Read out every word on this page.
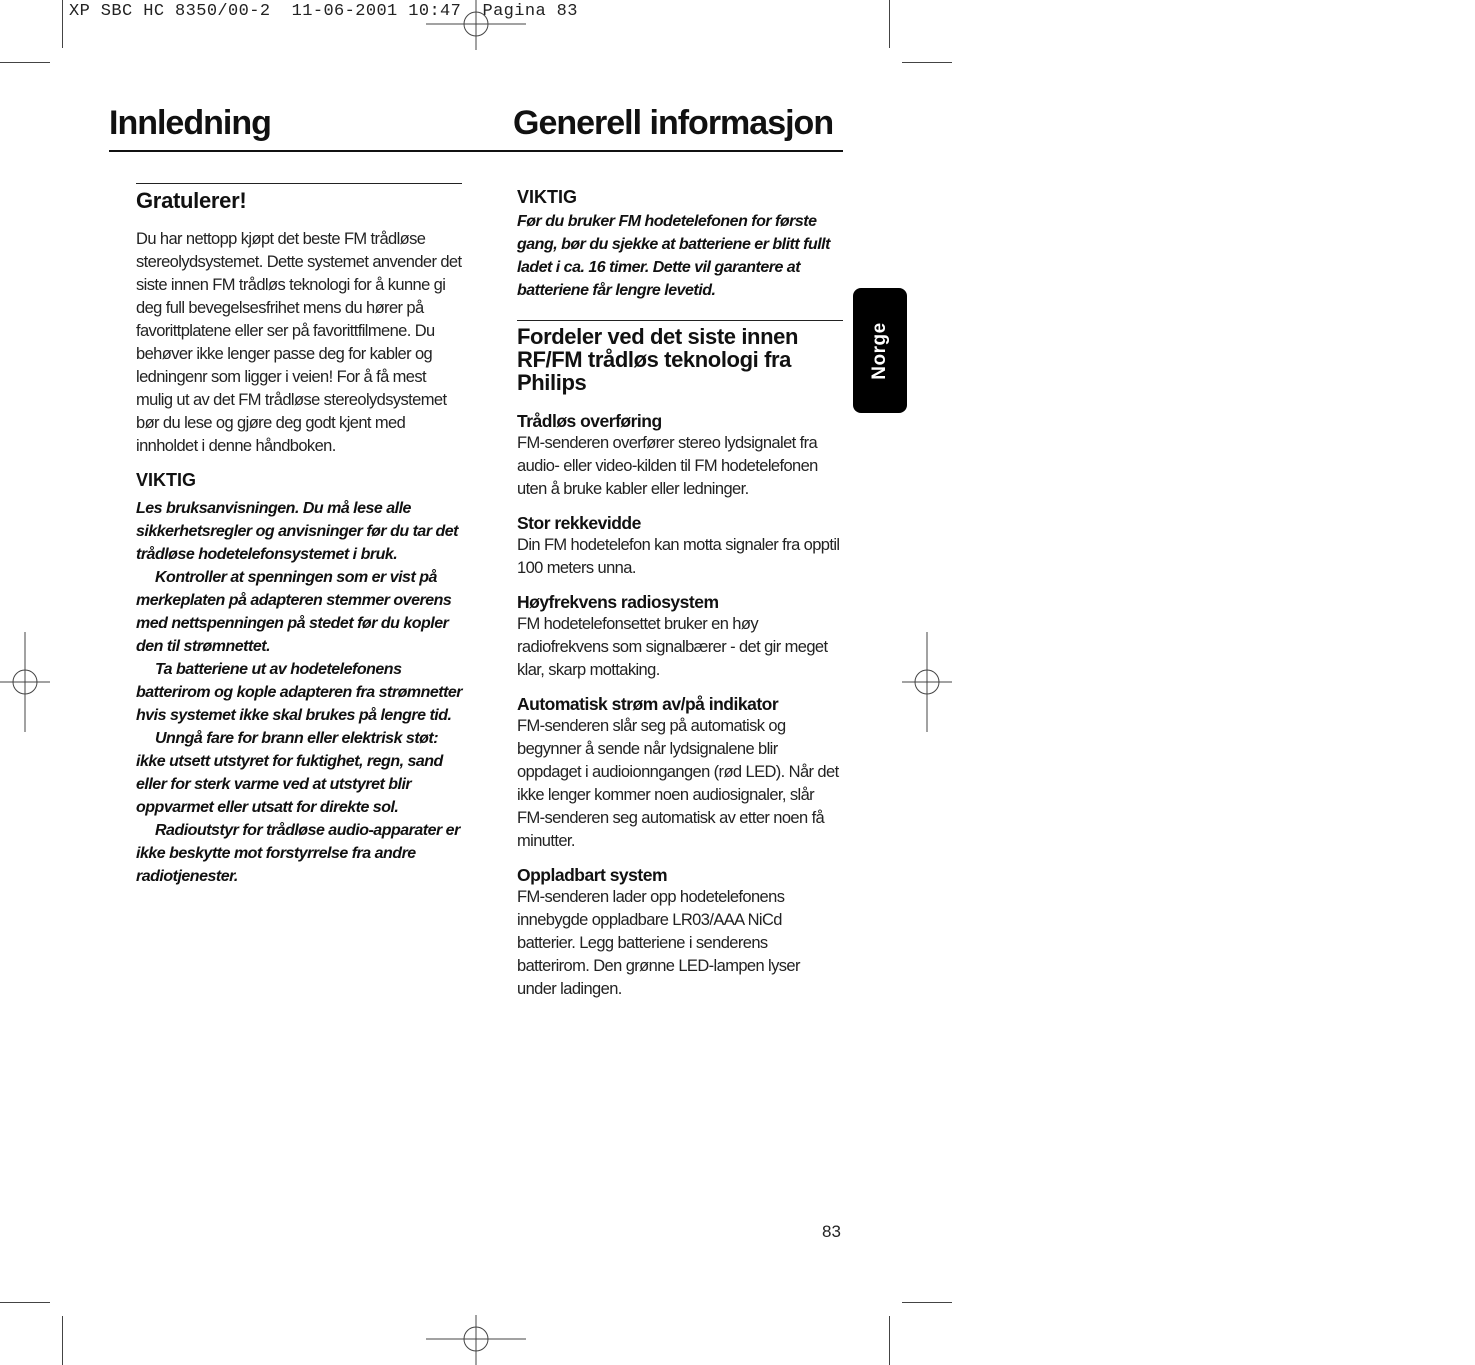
XP SBC HC 8350/00-2  11-06-2001 10:47  Pagina 83
Innledning	Generell informasjon
Norge
Gratulerer!

Du har nettopp kjøpt det beste FM trådløse stereolydsystemet. Dette systemet anvender det siste innen FM trådløs teknologi for å kunne gi deg full bevegelsesfrihet mens du hører på favorittplatene eller ser på favorittfilmene. Du behøver ikke lenger passe deg for kabler og ledningenr som ligger i veien! For å få mest mulig ut av det FM trådløse stereolydsystemet bør du lese og gjøre deg godt kjent med innholdet i denne håndboken.

VIKTIG

Les bruksanvisningen. Du må lese alle sikkerhetsregler og anvisninger før du tar det trådløse hodetelefonsystemet i bruk.

Kontroller at spenningen som er vist på merkeplaten på adapteren stemmer overens med nettspenningen på stedet før du kopler den til strømnettet.

Ta batteriene ut av hodetelefonens batterirom og kople adapteren fra strømnetter hvis systemet ikke skal brukes på lengre tid.

Unngå fare for brann eller elektrisk støt: ikke utsett utstyret for fuktighet, regn, sand eller for sterk varme ved at utstyret blir oppvarmet eller utsatt for direkte sol.

Radioutstyr for trådløse audio-apparater er ikke beskytte mot forstyrrelse fra andre radiotjenester.

VIKTIG

Før du bruker FM hodetelefonen for første gang, bør du sjekke at batteriene er blitt fullt ladet i ca. 16 timer. Dette vil garantere at batteriene får lengre levetid.

Fordeler ved det siste innen RF/FM trådløs teknologi fra Philips

Trådløs overføring

FM-senderen overfører stereo lydsignalet fra audio- eller video-kilden til FM hodetelefonen uten å bruke kabler eller ledninger.

Stor rekkevidde

Din FM hodetelefon kan motta signaler fra opptil 100 meters unna.

Høyfrekvens radiosystem

FM hodetelefonsettet bruker en høy radiofrekvens som signalbærer - det gir meget klar, skarp mottaking.

Automatisk strøm av/på indikator

FM-senderen slår seg på automatisk og begynner å sende når lydsignalene blir oppdaget i audioionngangen (rød LED). Når det ikke lenger kommer noen audiosignaler, slår FM-senderen seg automatisk av etter noen få minutter.

Oppladbart system

FM-senderen lader opp hodetelefonens innebygde oppladbare LR03/AAA NiCd batterier. Legg batteriene i senderens batterirom. Den grønne LED-lampen lyser under ladingen.

83
